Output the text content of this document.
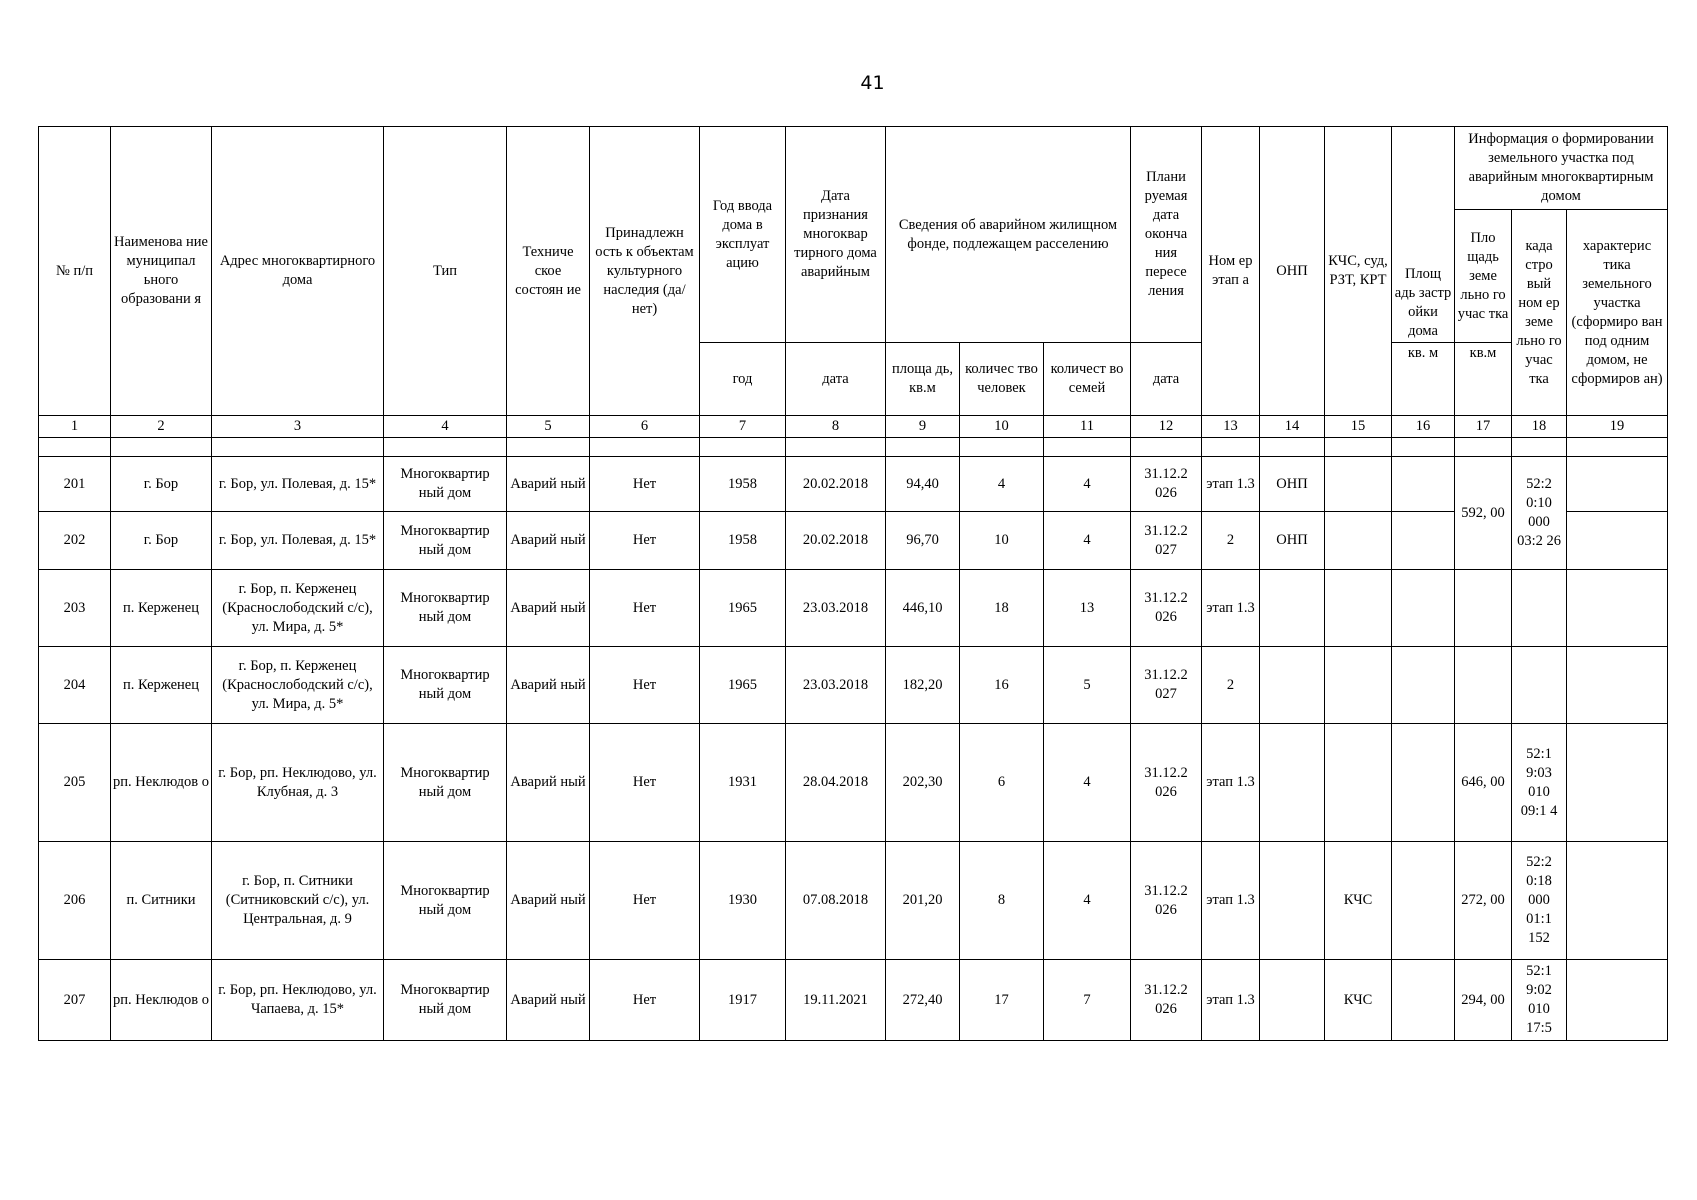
41
№ п/п	Наименова ние муниципал ьного образовани я	Адрес многоквартирного дома	Тип	Техниче ское состоян ие	Принадлежн ость к объектам культурного наследия (да/нет)	Год ввода дома в эксплуат ацию	Дата признания многоквар тирного дома аварийным	Сведения об аварийном жилищном фонде, подлежащем расселению			Плани руемая дата оконча ния пересе ления	Ном ер этап а	ОНП	КЧС, суд, РЗТ, КРТ	Площ адь застр ойки дома	Информация о формировании земельного участка под аварийным многоквартирным домом		
																Пло щадь земе льно го учас тка	када стро вый ном ер земе льно го учас тка	характерис тика земельного участка (сформиро ван под одним домом, не сформиров ан)
						год	дата	площа дь, кв.м	количес тво человек	количест во семей	дата				кв. м	кв.м		
1	2	3	4	5	6	7	8	9	10	11	12	13	14	15	16	17	18	19

201	г. Бор	г. Бор, ул. Полевая, д. 15*	Многоквартир ный дом	Аварий ный	Нет	1958	20.02.2018	94,40	4	4	31.12.2 026	этап 1.3	ОНП			592, 00	52:2 0:10 000 03:2 26	
202	г. Бор	г. Бор, ул. Полевая, д. 15*	Многоквартир ный дом	Аварий ный	Нет	1958	20.02.2018	96,70	10	4	31.12.2 027	2	ОНП					
203	п. Керженец	г. Бор, п. Керженец (Краснослободский с/с), ул. Мира, д. 5*	Многоквартир ный дом	Аварий ный	Нет	1965	23.03.2018	446,10	18	13	31.12.2 026	этап 1.3						
204	п. Керженец	г. Бор, п. Керженец (Краснослободский с/с), ул. Мира, д. 5*	Многоквартир ный дом	Аварий ный	Нет	1965	23.03.2018	182,20	16	5	31.12.2 027	2						
205	рп. Неклюдов о	г. Бор, рп. Неклюдово, ул. Клубная, д. 3	Многоквартир ный дом	Аварий ный	Нет	1931	28.04.2018	202,30	6	4	31.12.2 026	этап 1.3				646, 00	52:1 9:03 010 09:1 4	
206	п. Ситники	г. Бор, п. Ситники (Ситниковский с/с), ул. Центральная, д. 9	Многоквартир ный дом	Аварий ный	Нет	1930	07.08.2018	201,20	8	4	31.12.2 026	этап 1.3		КЧС		272, 00	52:2 0:18 000 01:1 152	
207	рп. Неклюдов о	г. Бор, рп. Неклюдово, ул. Чапаева, д. 15*	Многоквартир ный дом	Аварий ный	Нет	1917	19.11.2021	272,40	17	7	31.12.2 026	этап 1.3		КЧС		294, 00	52:1 9:02 010 17:5	
